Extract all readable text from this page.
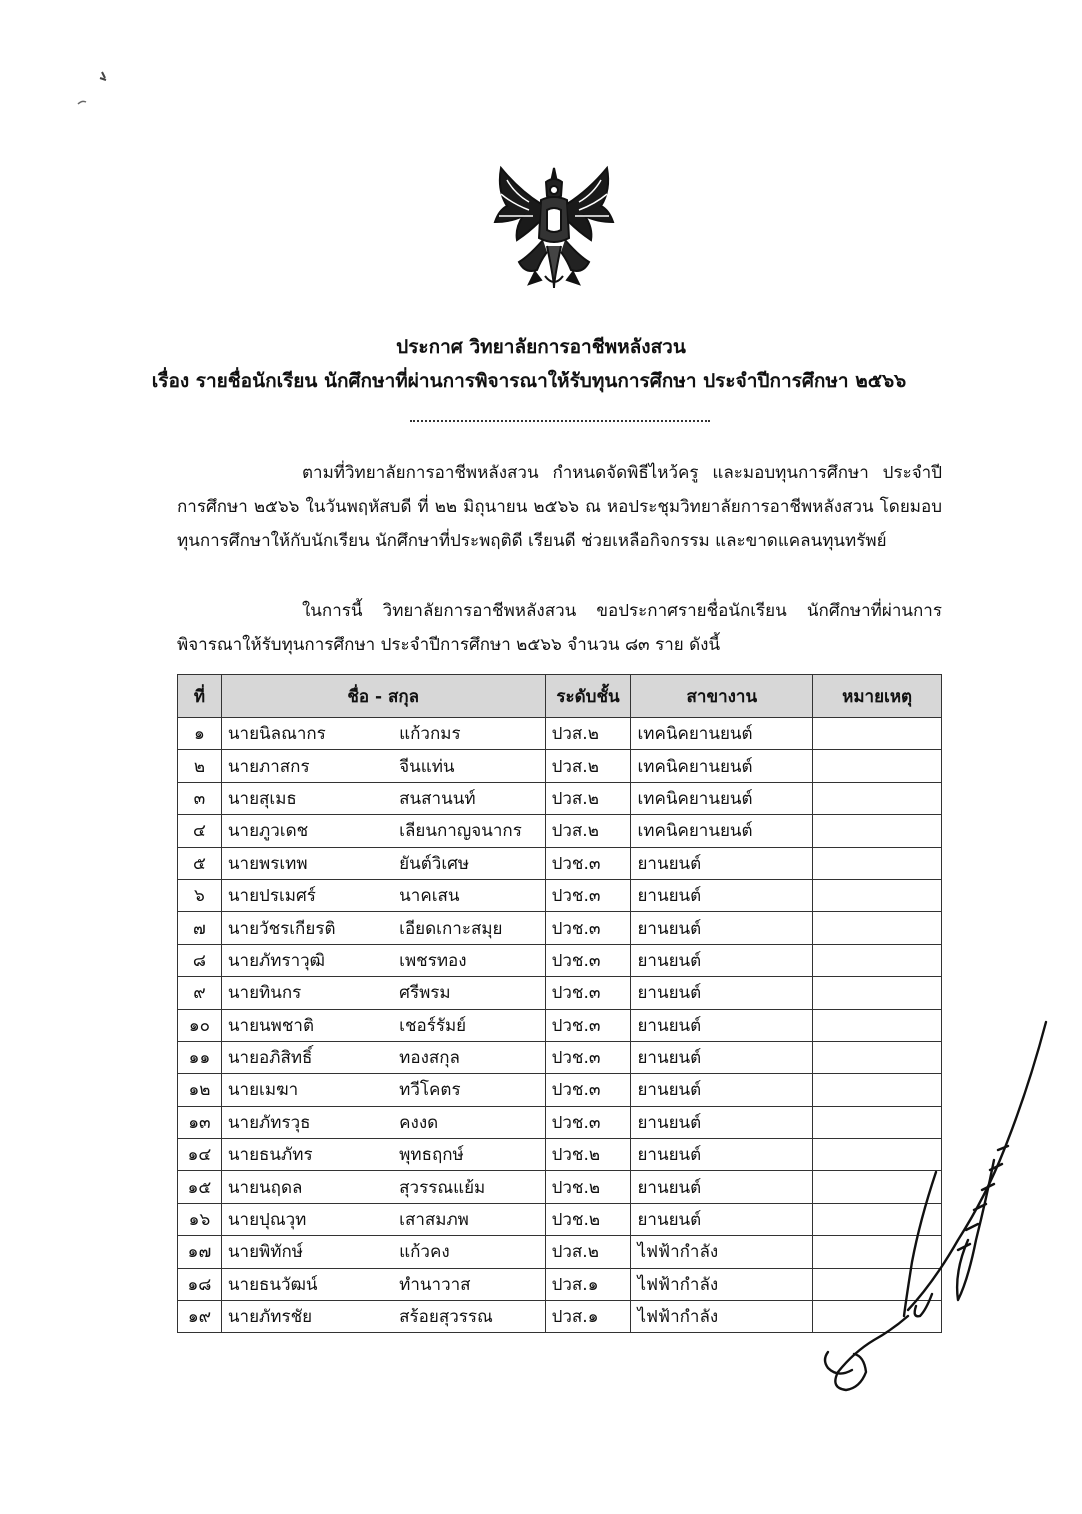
ประกาศ วิทยาลัยการอาชีพหลังสวน
เรื่อง รายชื่อนักเรียน นักศึกษาที่ผ่านการพิจารณาให้รับทุนการศึกษา ประจำปีการศึกษา ๒๕๖๖
ตามที่วิทยาลัยการอาชีพหลังสวน กำหนดจัดพิธีไหว้ครู และมอบทุนการศึกษา ประจำปีการศึกษา ๒๕๖๖ ในวันพฤหัสบดี ที่ ๒๒ มิถุนายน ๒๕๖๖ ณ หอประชุมวิทยาลัยการอาชีพหลังสวน โดยมอบทุนการศึกษาให้กับนักเรียน นักศึกษาที่ประพฤติดี เรียนดี ช่วยเหลือกิจกรรม และขาดแคลนทุนทรัพย์
ในการนี้ วิทยาลัยการอาชีพหลังสวน ขอประกาศรายชื่อนักเรียน นักศึกษาที่ผ่านการพิจารณาให้รับทุนการศึกษา ประจำปีการศึกษา ๒๕๖๖ จำนวน ๘๓ ราย ดังนี้
ที่	ชื่อ - สกุล		ระดับชั้น	สาขางาน	หมายเหตุ
๑	นายนิลณากร	แก้วกมร	ปวส.๒	เทคนิคยานยนต์	
๒	นายภาสกร	จีนแท่น	ปวส.๒	เทคนิคยานยนต์	
๓	นายสุเมธ	สนสานนท์	ปวส.๒	เทคนิคยานยนต์	
๔	นายภูวเดช	เลียนกาญจนากร	ปวส.๒	เทคนิคยานยนต์	
๕	นายพรเทพ	ยันต์วิเศษ	ปวช.๓	ยานยนต์	
๖	นายปรเมศร์	นาคเสน	ปวช.๓	ยานยนต์	
๗	นายวัชรเกียรติ	เอียดเกาะสมุย	ปวช.๓	ยานยนต์	
๘	นายภัทราวุฒิ	เพชรทอง	ปวช.๓	ยานยนต์	
๙	นายทินกร	ศรีพรม	ปวช.๓	ยานยนต์	
๑๐	นายนพชาติ	เชอร์รัมย์	ปวช.๓	ยานยนต์	
๑๑	นายอภิสิทธิ์	ทองสกุล	ปวช.๓	ยานยนต์	
๑๒	นายเมฆา	ทวีโคตร	ปวช.๓	ยานยนต์	
๑๓	นายภัทรวุธ	คงงด	ปวช.๓	ยานยนต์	
๑๔	นายธนภัทร	พุทธฤกษ์	ปวช.๒	ยานยนต์	
๑๕	นายนฤดล	สุวรรณแย้ม	ปวช.๒	ยานยนต์	
๑๖	นายปุณวุท	เสาสมภพ	ปวช.๒	ยานยนต์	
๑๗	นายพิทักษ์	แก้วคง	ปวส.๒	ไฟฟ้ากำลัง	
๑๘	นายธนวัฒน์	ทำนาวาส	ปวส.๑	ไฟฟ้ากำลัง	
๑๙	นายภัทรชัย	สร้อยสุวรรณ	ปวส.๑	ไฟฟ้ากำลัง	
